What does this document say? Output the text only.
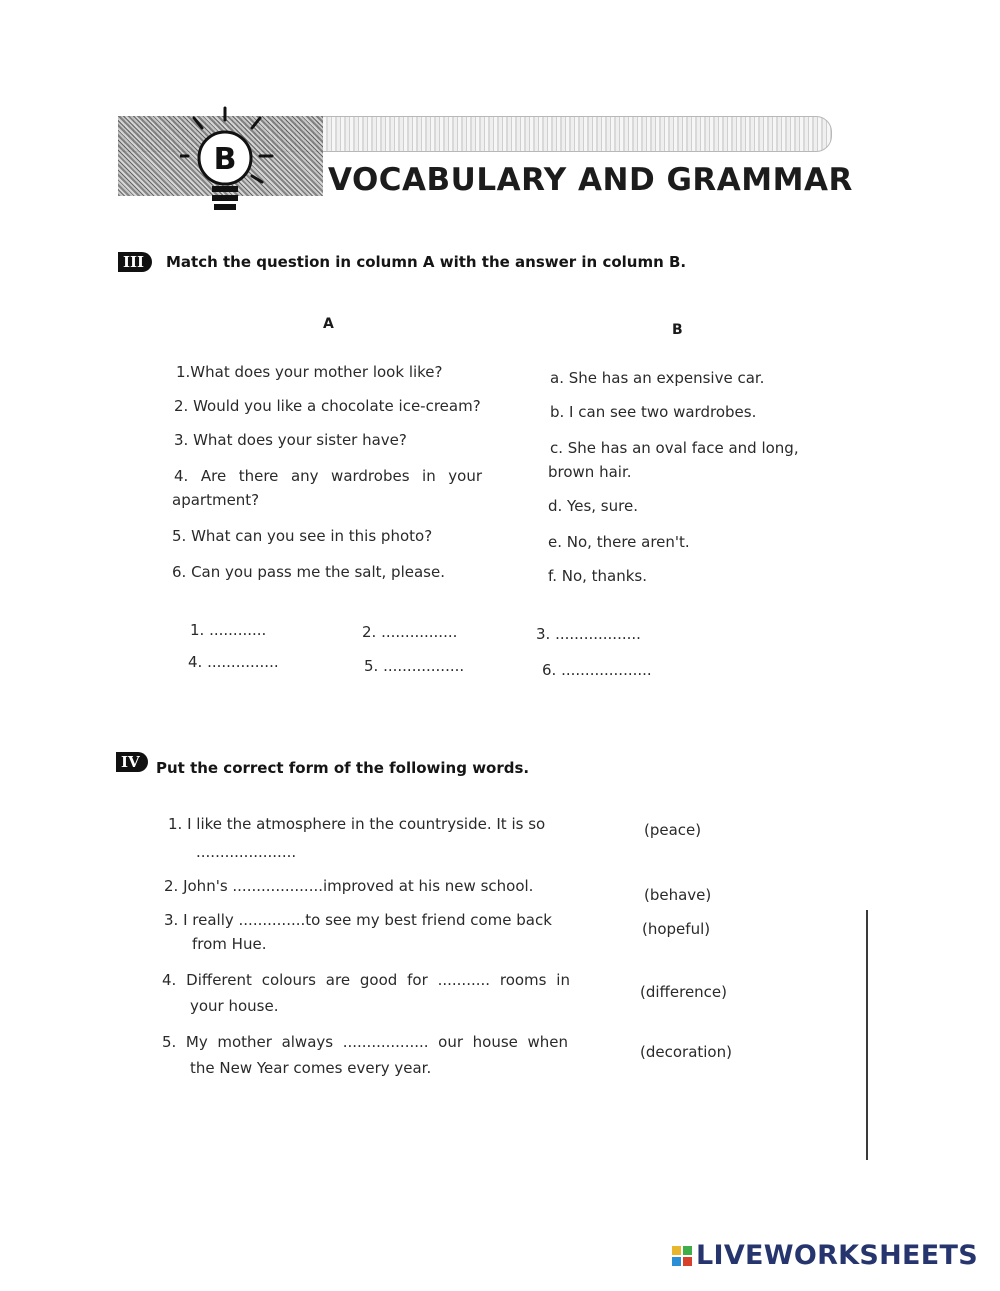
B
VOCABULARY AND GRAMMAR
III	Match the question in column A with the answer in column B.
A	B
1.What does your mother look like?
2. Would you like a chocolate ice-cream?
3. What does your sister have?
4. Are there any wardrobes in your
apartment?
5. What can you see in this photo?
6. Can you pass me the salt, please.
a. She has an expensive car.
b. I can see two wardrobes.
c. She has an oval face and long,
brown hair.
d. Yes, sure.
e. No, there aren't.
f. No, thanks.
1. ............	2. ................	3. ..................
4. ...............	5. .................	6. ...................
IV	Put the correct form of the following words.
1. I like the atmosphere in the countryside. It is so
.....................
(peace)
2. John's ...................improved at his new school.	(behave)
3. I really ..............to see my best friend come back
from Hue.
(hopeful)
4. Different colours are good for ........... rooms in
your house.
(difference)
5. My mother always .................. our house when
the New Year comes every year.
(decoration)
LIVEWORKSHEETS
